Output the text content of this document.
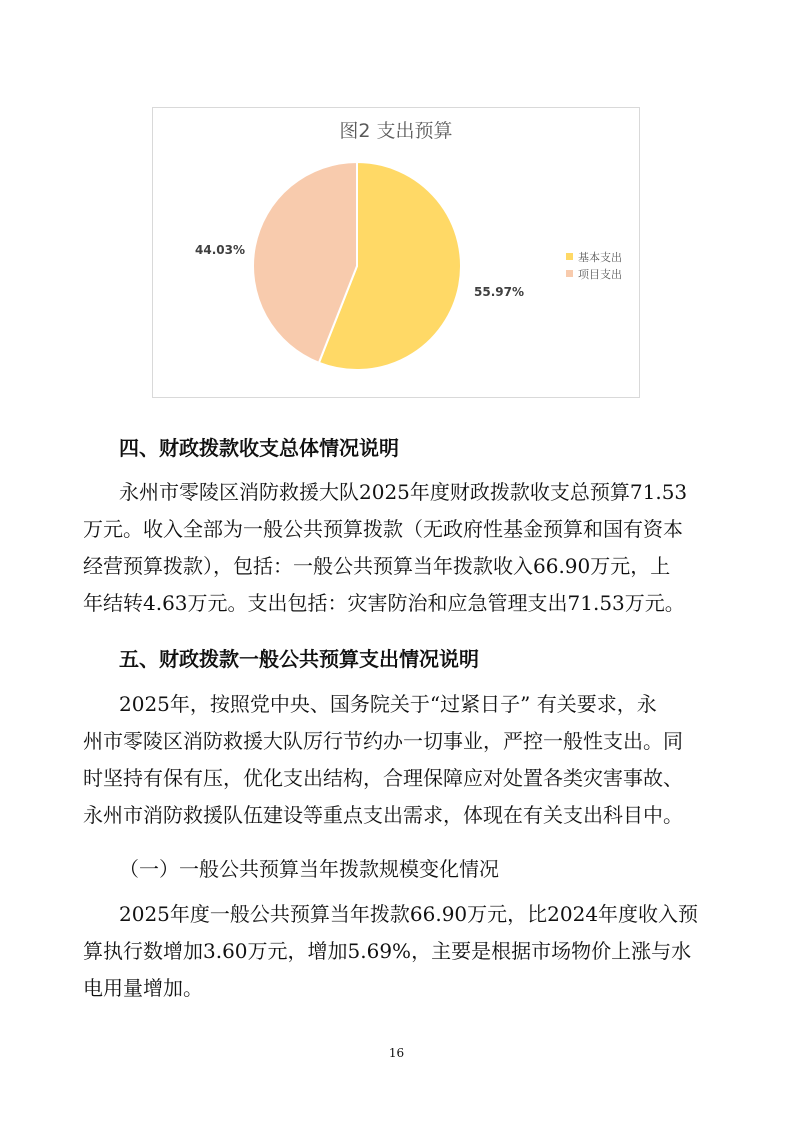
图2 支出预算
55.97%
44.03%	基本支出
项目支出
四、财政拨款收支总体情况说明
永州市零陵区消防救援大队2025年度财政拨款收支总预算71.53
万元。收入全部为一般公共预算拨款（无政府性基金预算和国有资本
经营预算拨款），包括：一般公共预算当年拨款收入66.90万元，上
年结转4.63万元。支出包括：灾害防治和应急管理支出71.53万元。
五、财政拨款一般公共预算支出情况说明
2025年，按照党中央、国务院关于“过紧日子” 有关要求，永
州市零陵区消防救援大队厉行节约办一切事业，严控一般性支出。同
时坚持有保有压，优化支出结构，合理保障应对处置各类灾害事故、
永州市消防救援队伍建设等重点支出需求，体现在有关支出科目中。
（一）一般公共预算当年拨款规模变化情况
2025年度一般公共预算当年拨款66.90万元，比2024年度收入预
算执行数增加3.60万元，增加5.69%，主要是根据市场物价上涨与水
电用量增加。
16
